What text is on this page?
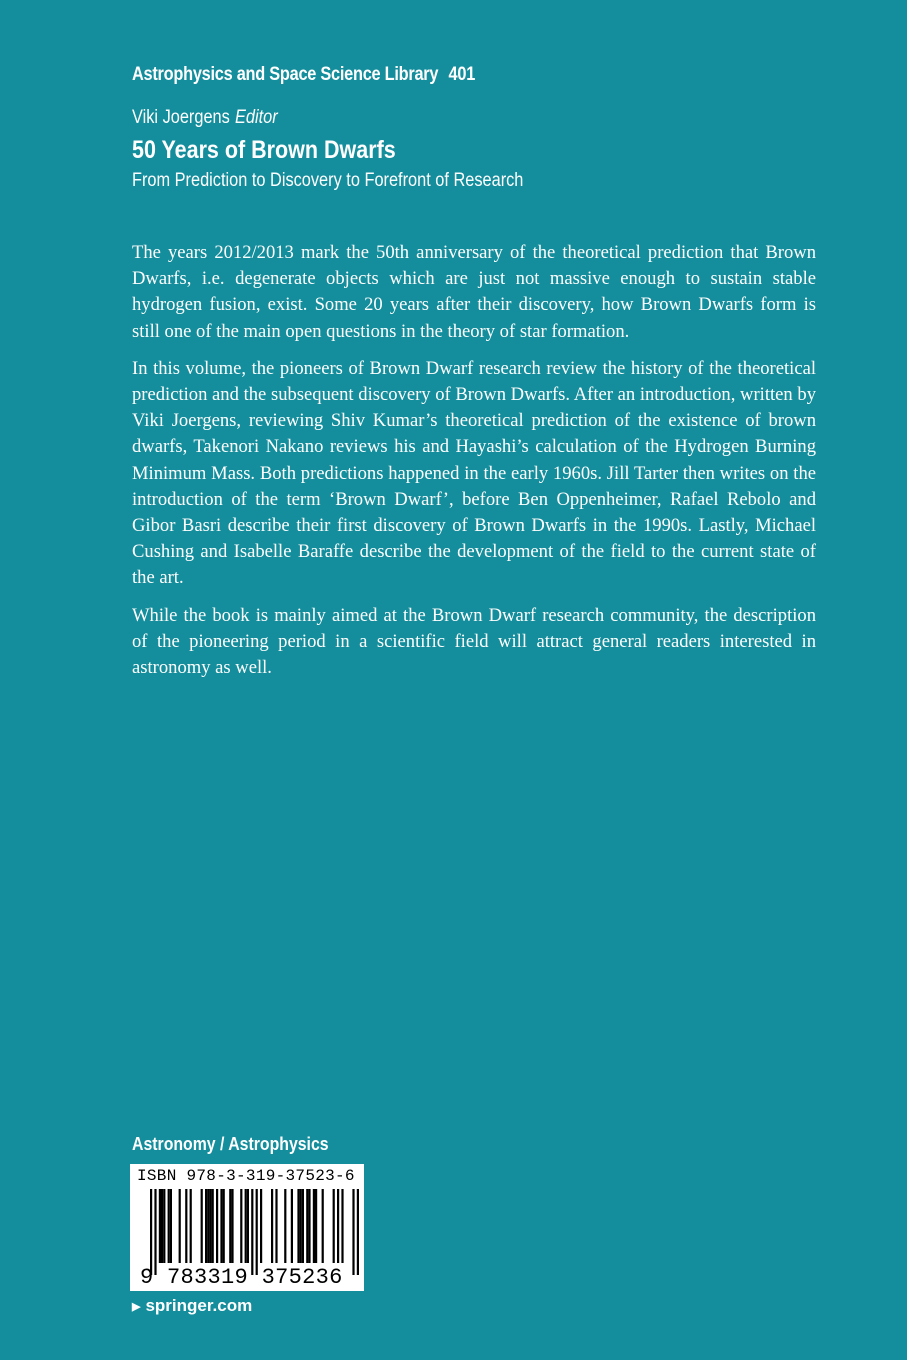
Astrophysics and Space Science Library 401
Viki Joergens Editor
50 Years of Brown Dwarfs
From Prediction to Discovery to Forefront of Research

The years 2012/2013 mark the 50th anniversary of the theoretical prediction that Brown Dwarfs, i.e. degenerate objects which are just not massive enough to sustain stable hydrogen fusion, exist. Some 20 years after their discovery, how Brown Dwarfs form is still one of the main open questions in the theory of star formation.

In this volume, the pioneers of Brown Dwarf research review the history of the theoretical prediction and the subsequent discovery of Brown Dwarfs. After an introduction, written by Viki Joergens, reviewing Shiv Kumar’s theoretical prediction of the existence of brown dwarfs, Takenori Nakano reviews his and Hayashi’s calculation of the Hydrogen Burning Minimum Mass. Both predictions happened in the early 1960s. Jill Tarter then writes on the introduction of the term ‘Brown Dwarf’, before Ben Oppenheimer, Rafael Rebolo and Gibor Basri describe their first discovery of Brown Dwarfs in the 1990s. Lastly, Michael Cushing and Isabelle Baraffe describe the development of the field to the current state of the art.

While the book is mainly aimed at the Brown Dwarf research community, the description of the pioneering period in a scientific field will attract general readers interested in astronomy as well.

Astronomy / Astrophysics
ISBN 978-3-319-37523-6
9 783319 375236
▶ springer.com
